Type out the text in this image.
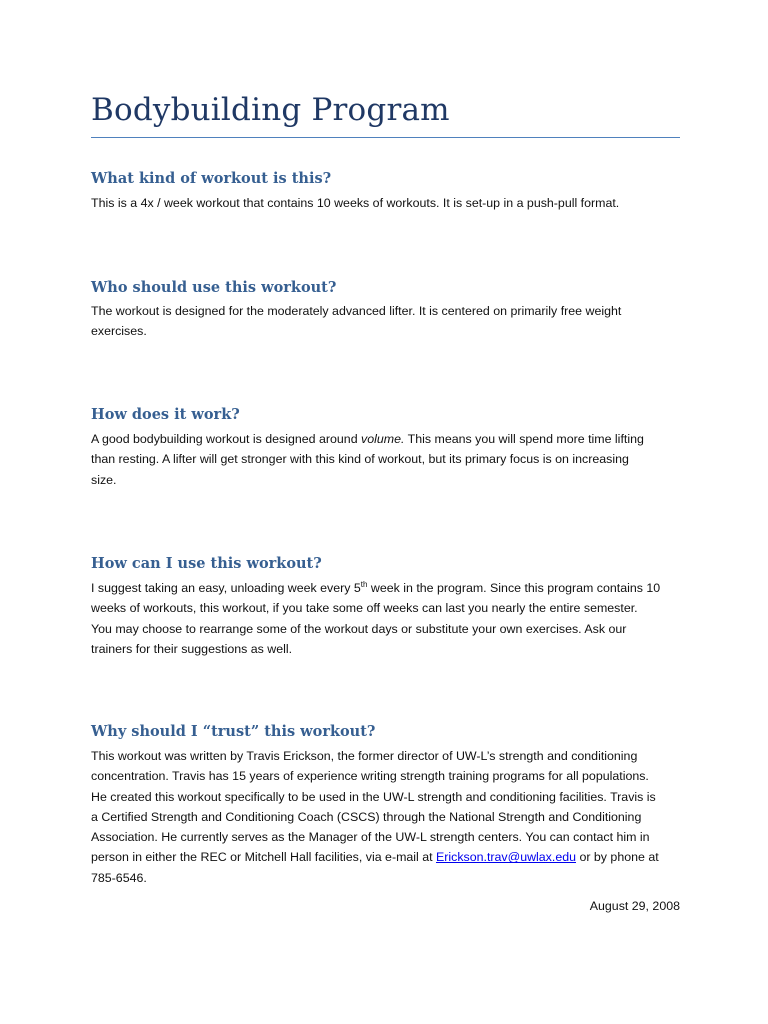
Bodybuilding Program
What kind of workout is this?
This is a 4x / week workout that contains 10 weeks of workouts. It is set-up in a push-pull format.
Who should use this workout?
The workout is designed for the moderately advanced lifter. It is centered on primarily free weight
exercises.
How does it work?
A good bodybuilding workout is designed around volume. This means you will spend more time lifting
than resting. A lifter will get stronger with this kind of workout, but its primary focus is on increasing
size.
How can I use this workout?
I suggest taking an easy, unloading week every 5th week in the program. Since this program contains 10
weeks of workouts, this workout, if you take some off weeks can last you nearly the entire semester.
You may choose to rearrange some of the workout days or substitute your own exercises. Ask our
trainers for their suggestions as well.
Why should I “trust” this workout?
This workout was written by Travis Erickson, the former director of UW-L’s strength and conditioning
concentration. Travis has 15 years of experience writing strength training programs for all populations.
He created this workout specifically to be used in the UW-L strength and conditioning facilities. Travis is
a Certified Strength and Conditioning Coach (CSCS) through the National Strength and Conditioning
Association. He currently serves as the Manager of the UW-L strength centers. You can contact him in
person in either the REC or Mitchell Hall facilities, via e-mail at Erickson.trav@uwlax.edu or by phone at
785-6546.
August 29, 2008
